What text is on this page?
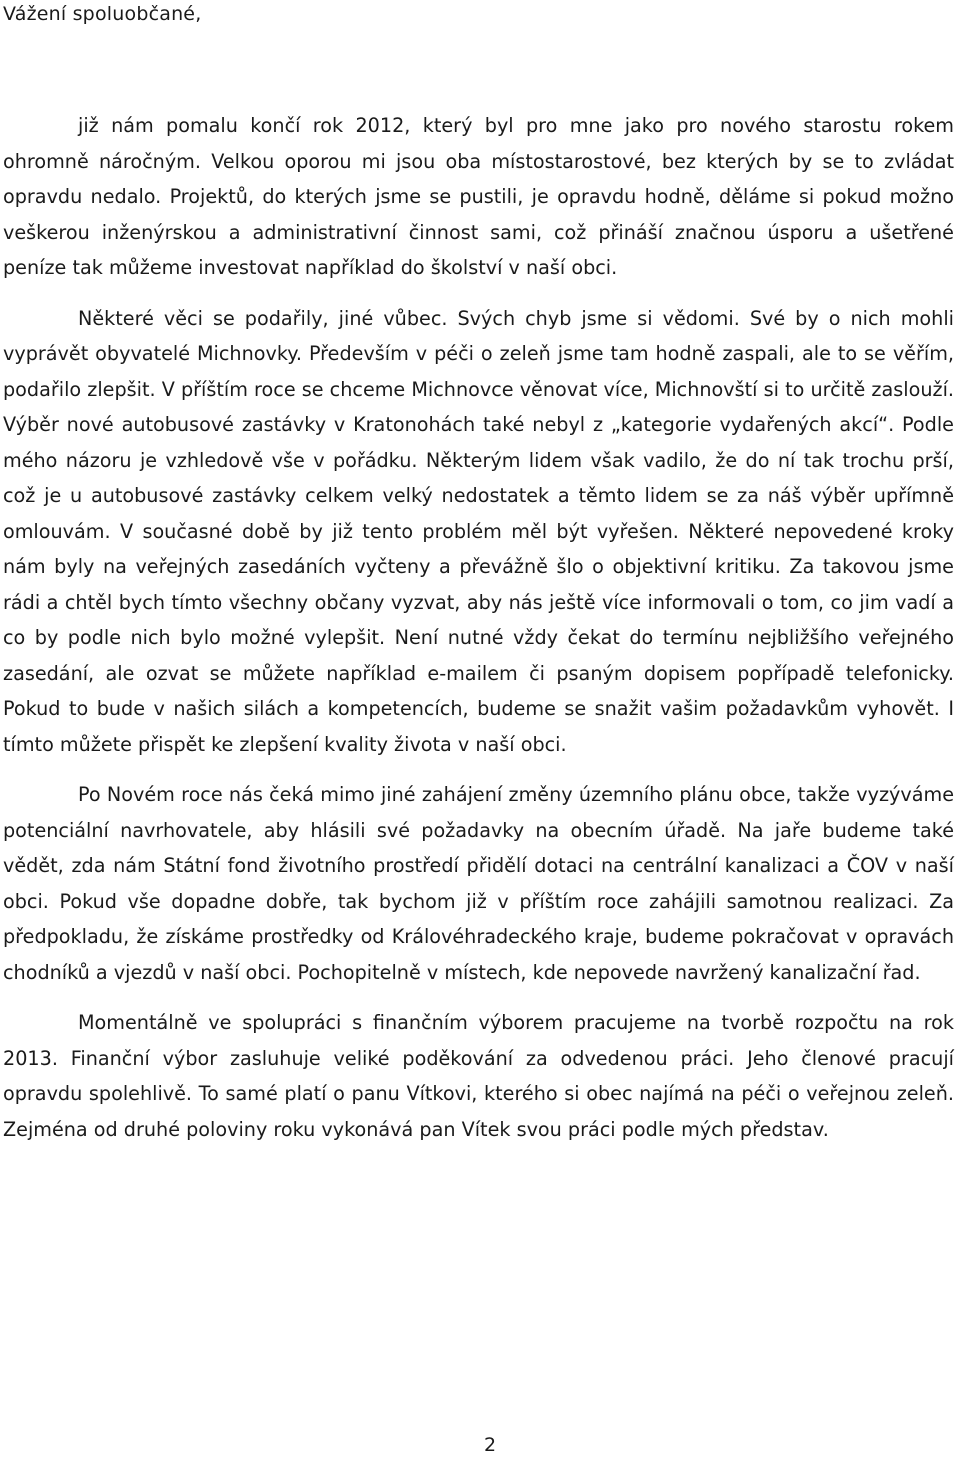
Vážení spoluobčané,

již nám pomalu končí rok 2012, který byl pro mne jako pro nového starostu rokem ohromně náročným. Velkou oporou mi jsou oba místostarostové, bez kterých by se to zvládat opravdu nedalo. Projektů, do kterých jsme se pustili, je opravdu hodně, děláme si pokud možno veškerou inženýrskou a administrativní činnost sami, což přináší značnou úsporu a ušetřené peníze tak můžeme investovat například do školství v naší obci.

Některé věci se podařily, jiné vůbec. Svých chyb jsme si vědomi. Své by o nich mohli vyprávět obyvatelé Michnovky. Především v péči o zeleň jsme tam hodně zaspali, ale to se věřím, podařilo zlepšit. V příštím roce se chceme Michnovce věnovat více, Michnovští si to určitě zaslouží. Výběr nové autobusové zastávky v Kratonohách také nebyl z „kategorie vydařených akcí“. Podle mého názoru je vzhledově vše v pořádku. Některým lidem však vadilo, že do ní tak trochu prší, což je u autobusové zastávky celkem velký nedostatek a těmto lidem se za náš výběr upřímně omlouvám. V současné době by již tento problém měl být vyřešen. Některé nepovedené kroky nám byly na veřejných zasedáních vyčteny a převážně šlo o objektivní kritiku. Za takovou jsme rádi a chtěl bych tímto všechny občany vyzvat, aby nás ještě více informovali o tom, co jim vadí a co by podle nich bylo možné vylepšit. Není nutné vždy čekat do termínu nejbližšího veřejného zasedání, ale ozvat se můžete například e-mailem či psaným dopisem popřípadě telefonicky. Pokud to bude v našich silách a kompetencích, budeme se snažit vašim požadavkům vyhovět. I tímto můžete přispět ke zlepšení kvality života v naší obci.

Po Novém roce nás čeká mimo jiné zahájení změny územního plánu obce, takže vyzýváme potenciální navrhovatele, aby hlásili své požadavky na obecním úřadě. Na jaře budeme také vědět, zda nám Státní fond životního prostředí přidělí dotaci na centrální kanalizaci a ČOV v naší obci. Pokud vše dopadne dobře, tak bychom již v příštím roce zahájili samotnou realizaci. Za předpokladu, že získáme prostředky od Královéhradeckého kraje, budeme pokračovat v opravách chodníků a vjezdů v naší obci. Pochopitelně v místech, kde nepovede navržený kanalizační řad.

Momentálně ve spolupráci s finančním výborem pracujeme na tvorbě rozpočtu na rok 2013. Finanční výbor zasluhuje veliké poděkování za odvedenou práci. Jeho členové pracují opravdu spolehlivě. To samé platí o panu Vítkovi, kterého si obec najímá na péči o veřejnou zeleň. Zejména od druhé poloviny roku vykonává pan Vítek svou práci podle mých představ.

2
